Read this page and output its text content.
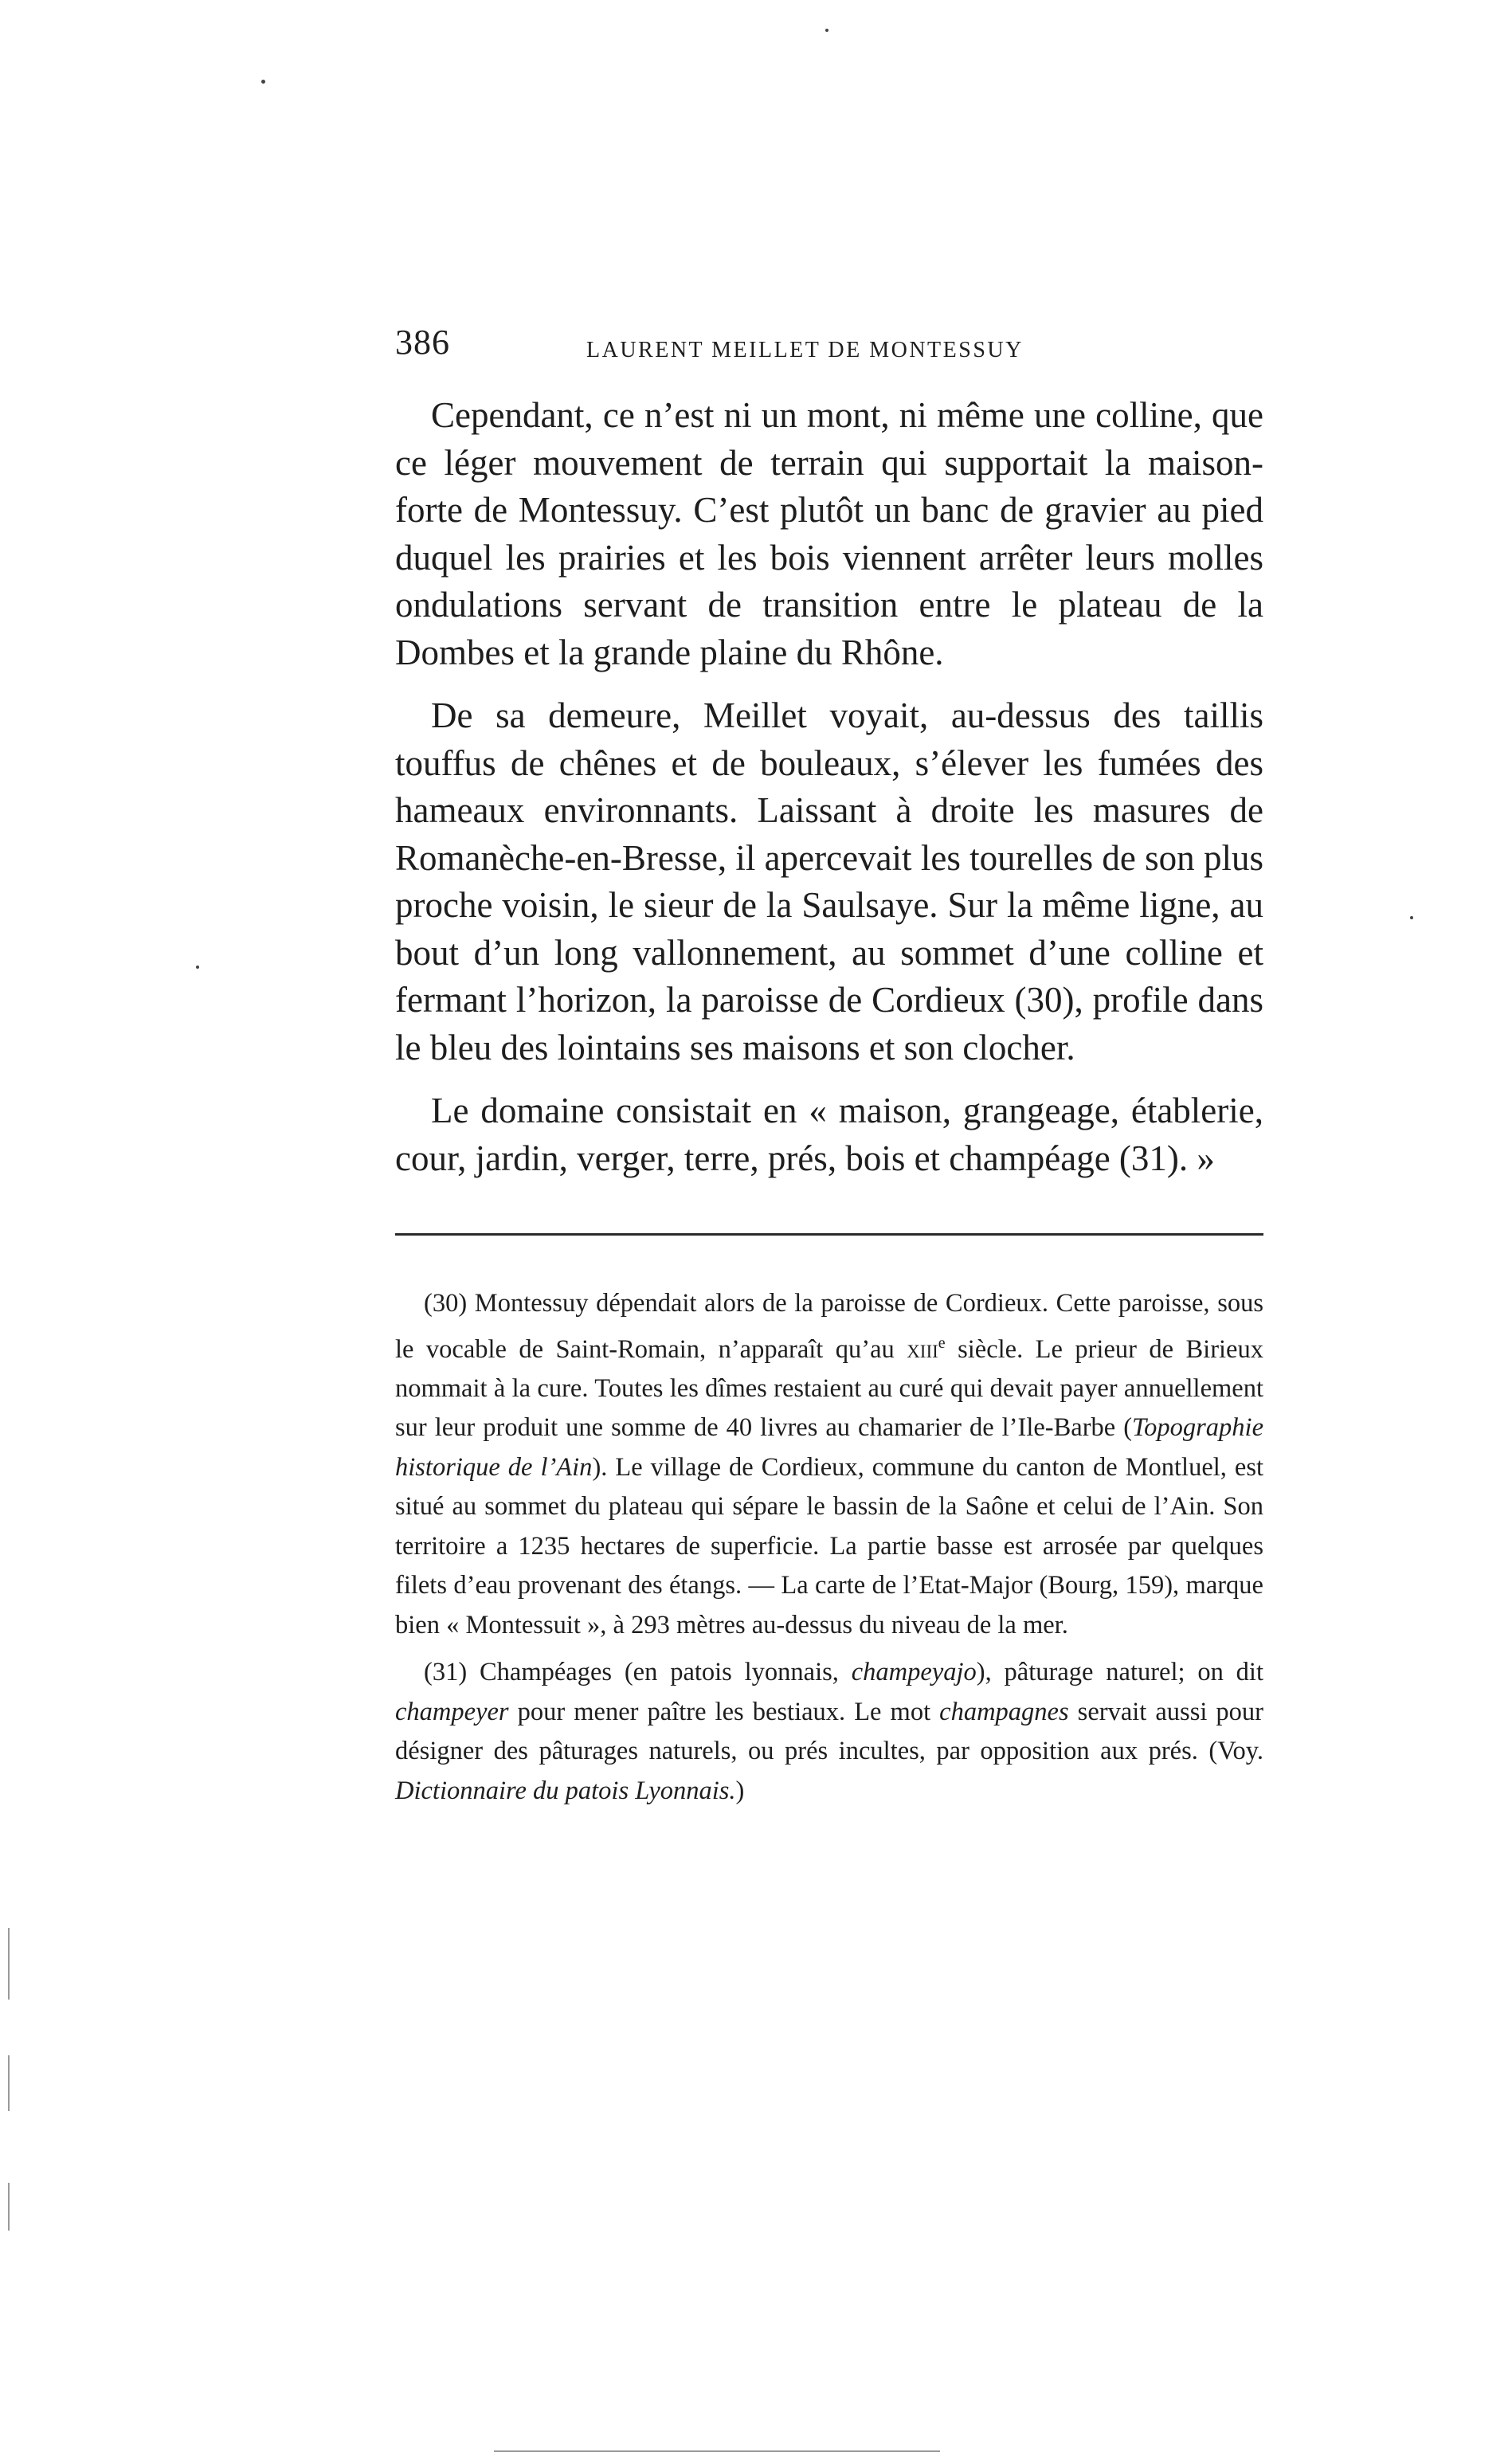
386	LAURENT MEILLET DE MONTESSUY

Cependant, ce n’est ni un mont, ni même une colline, que ce léger mouvement de terrain qui supportait la maison-forte de Montessuy. C’est plutôt un banc de gravier au pied duquel les prairies et les bois viennent arrêter leurs molles ondulations servant de transition entre le plateau de la Dombes et la grande plaine du Rhône.

De sa demeure, Meillet voyait, au-dessus des taillis touffus de chênes et de bouleaux, s’élever les fumées des hameaux environnants. Laissant à droite les masures de Romanèche-en-Bresse, il apercevait les tourelles de son plus proche voisin, le sieur de la Saulsaye. Sur la même ligne, au bout d’un long vallonnement, au sommet d’une colline et fermant l’horizon, la paroisse de Cordieux (30), profile dans le bleu des lointains ses maisons et son clocher.

Le domaine consistait en « maison, grangeage, établerie, cour, jardin, verger, terre, prés, bois et champéage (31). »

(30) Montessuy dépendait alors de la paroisse de Cordieux. Cette paroisse, sous le vocable de Saint-Romain, n’apparaît qu’au xiii$^e$ siècle. Le prieur de Birieux nommait à la cure. Toutes les dîmes restaient au curé qui devait payer annuellement sur leur produit une somme de 40 livres au chamarier de l’Ile-Barbe (Topographie historique de l’Ain). Le village de Cordieux, commune du canton de Montluel, est situé au sommet du plateau qui sépare le bassin de la Saône et celui de l’Ain. Son territoire a 1235 hectares de superficie. La partie basse est arrosée par quelques filets d’eau provenant des étangs. — La carte de l’Etat-Major (Bourg, 159), marque bien « Montessuit », à 293 mètres au-dessus du niveau de la mer.

(31) Champéages (en patois lyonnais, champeyajo), pâturage naturel; on dit champeyer pour mener paître les bestiaux. Le mot champagnes servait aussi pour désigner des pâturages naturels, ou prés incultes, par opposition aux prés. (Voy. Dictionnaire du patois Lyonnais.)
